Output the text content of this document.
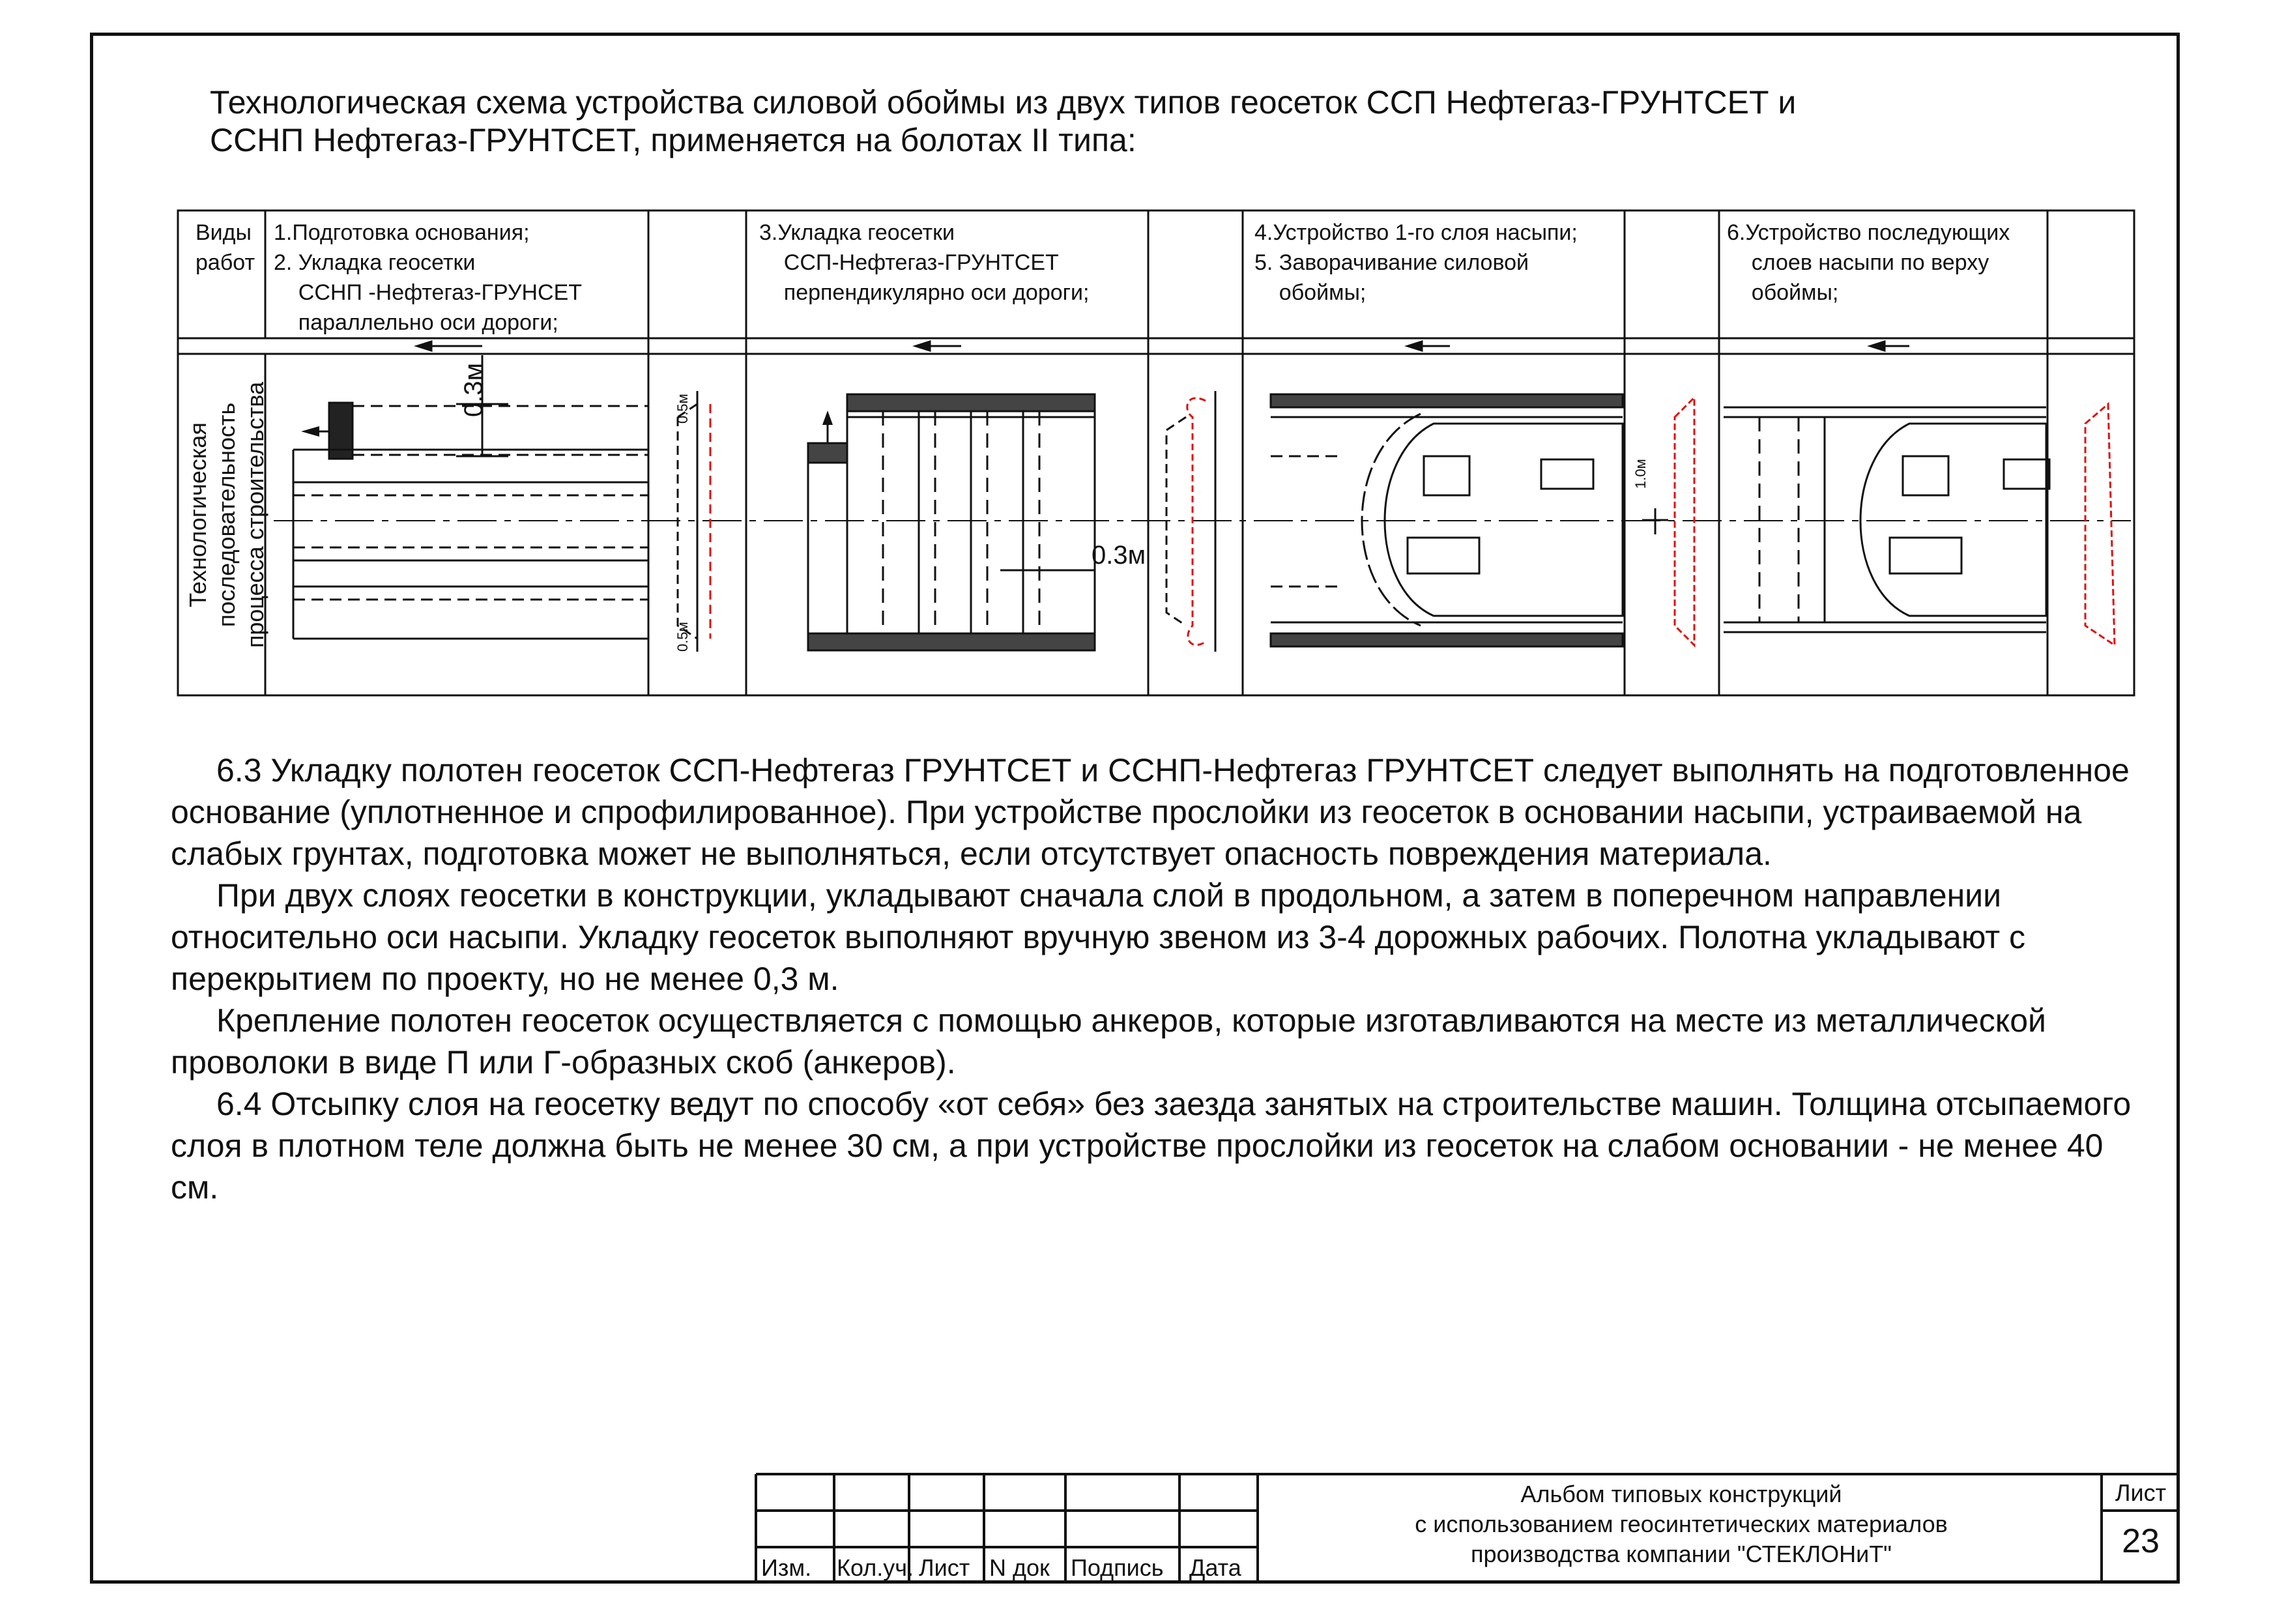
Технологическая схема устройства силовой обоймы из двух типов геосеток ССП Нефтегаз-ГРУНТСЕТ и
ССНП Нефтегаз-ГРУНТСЕТ, применяется на болотах II типа:
Виды
работ
1.Подготовка основания;
2. Укладка геосетки
ССНП -Нефтегаз-ГРУНСЕТ
параллельно оси дороги;
3.Укладка геосетки
ССП-Нефтегаз-ГРУНТСЕТ
перпендикулярно оси дороги;
4.Устройство 1-го слоя насыпи;
5. Заворачивание силовой
обоймы;
6.Устройство последующих
слоев насыпи по верху
обоймы;
Технологическая
последовательность
процесса строительства	0.3м
0.3м
0.5м
0.5м
1.0м

6.3 Укладку полотен геосеток ССП-Нефтегаз ГРУНТСЕТ и ССНП-Нефтегаз ГРУНТСЕТ следует выполнять на подготовленное основание (уплотненное и спрофилированное). При устройстве прослойки из геосеток в основании насыпи, устраиваемой на слабых грунтах, подготовка может не выполняться, если отсутствует опасность повреждения материала.

При двух слоях геосетки в конструкции, укладывают сначала слой в продольном, а затем в поперечном направлении относительно оси насыпи. Укладку геосеток выполняют вручную звеном из 3-4 дорожных рабочих. Полотна укладывают с перекрытием по проекту, но не менее 0,3 м.

Крепление полотен геосеток осуществляется с помощью анкеров, которые изготавливаются на месте из металлической проволоки в виде П или Г-образных скоб (анкеров).

6.4 Отсыпку слоя на геосетку ведут по способу «от себя» без заезда занятых на строительстве машин. Толщина отсыпаемого слоя в плотном теле должна быть не менее 30 см, а при устройстве прослойки из геосеток на слабом основании - не менее 40 см.

Изм. Кол.уч. Лист N док Подпись Дата
Альбом типовых конструкций
с использованием геосинтетических материалов
производства компании "СТЕКЛОНиТ"
Лист
23
